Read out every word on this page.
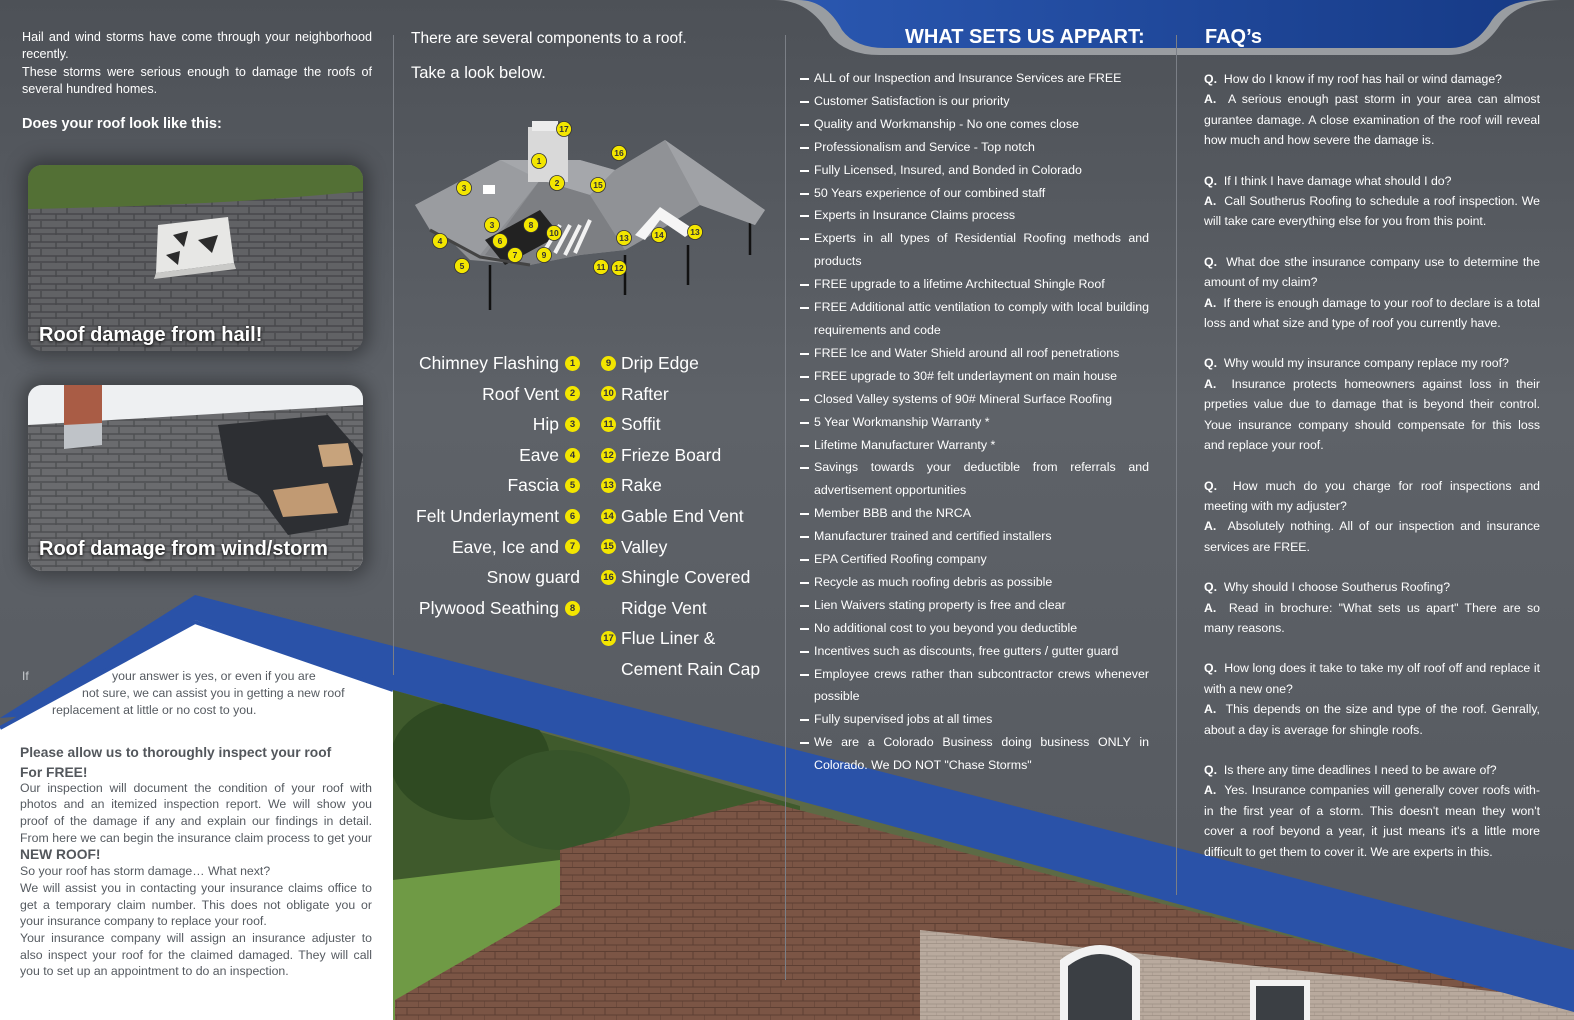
Hail and wind storms have come through your neighborhood recently.

These storms were serious enough to damage the roofs of several hundred homes.

Does your roof look like this:
Roof damage from hail!
Roof damage from wind/storm
If	your answer is yes, or even if you are
not sure, we can assist you in getting a new roof
replacement at little or no cost to you.
Please allow us to thoroughly inspect your roof
For FREE!

Our inspection will document the condition of your roof with photos and an itemized inspection report. We will show you proof of the damage if any and explain our findings in detail. From here we can begin the insurance claim process to get your NEW ROOF!

So your roof has storm damage… What next?

We will assist you in contacting your insurance claims office to get a temporary claim number. This does not obligate you or your insurance company to replace your roof.

Your insurance company will assign an insurance adjuster to also inspect your roof for the claimed damaged. They will call you to set up an appointment to do an inspection.

There are several components to a roof.
Take a look below.
17
16
1
2
3	15
3	8
10	13	14	13
4	6
7	9
5	11 12
Chimney Flashing 1
Roof Vent 2
Hip 3
Eave 4
Fascia 5
Felt Underlayment 6
Eave, Ice and 7
Snow guard
Plywood Seathing 8
9 Drip Edge
10 Rafter
11 Soffit
12 Frieze Board
13 Rake
14 Gable End Vent
15 Valley
16 Shingle Covered
Ridge Vent
17 Flue Liner &
Cement Rain Cap
WHAT SETS US APPART:
ALL of our Inspection and Insurance Services are FREE
Customer Satisfaction is our priority
Quality and Workmanship - No one comes close
Professionalism and Service - Top notch
Fully Licensed, Insured, and Bonded in Colorado
50 Years experience of our combined staff
Experts in Insurance Claims process
Experts in all types of Residential Roofing methods and products
FREE upgrade to a lifetime Architectual Shingle Roof
FREE Additional attic ventilation to comply with local building requirements and code
FREE Ice and Water Shield around all roof penetrations
FREE upgrade to 30# felt underlayment on main house
Closed Valley systems of 90# Mineral Surface Roofing
5 Year Workmanship Warranty *
Lifetime Manufacturer Warranty *
Savings towards your deductible from referrals and advertisement opportunities
Member BBB and the NRCA
Manufacturer trained and certified installers
EPA Certified Roofing company
Recycle as much roofing debris as possible
Lien Waivers stating property is free and clear
No additional cost to you beyond you deductible
Incentives such as discounts, free gutters / gutter guard
Employee crews rather than subcontractor crews whenever possible
Fully supervised jobs at all times
We are a Colorado Business doing business ONLY in Colorado. We DO NOT "Chase Storms"
FAQ’s

Q. How do I know if my roof has hail or wind damage?

A. A serious enough past storm in your area can almost gurantee damage. A close examination of the roof will reveal how much and how severe the damage is.

Q. If I think I have damage what should I do?

A. Call Southerus Roofing to schedule a roof inspection. We will take care everything else for you from this point.

Q. What doe sthe insurance company use to determine the amount of my claim?

A. If there is enough damage to your roof to declare is a total loss and what size and type of roof you currently have.

Q. Why would my insurance company replace my roof?

A. Insurance protects homeowners against loss in their prpeties value due to damage that is beyond their control. Youe insurance company should compensate for this loss and replace your roof.

Q. How much do you charge for roof inspections and meeting with my adjuster?

A. Absolutely nothing. All of our inspection and insurance services are FREE.

Q. Why should I choose Southerus Roofing?

A. Read in brochure: "What sets us apart" There are so many reasons.

Q. How long does it take to take my olf roof off and replace it with a new one?

A. This depends on the size and type of the roof. Genrally, about a day is average for shingle roofs.

Q. Is there any time deadlines I need to be aware of?

A. Yes. Insurance companies will generally cover roofs with-in the first year of a storm. This doesn't mean they won't cover a roof beyond a year, it just means it's a little more difficult to get them to cover it. We are experts in this.
